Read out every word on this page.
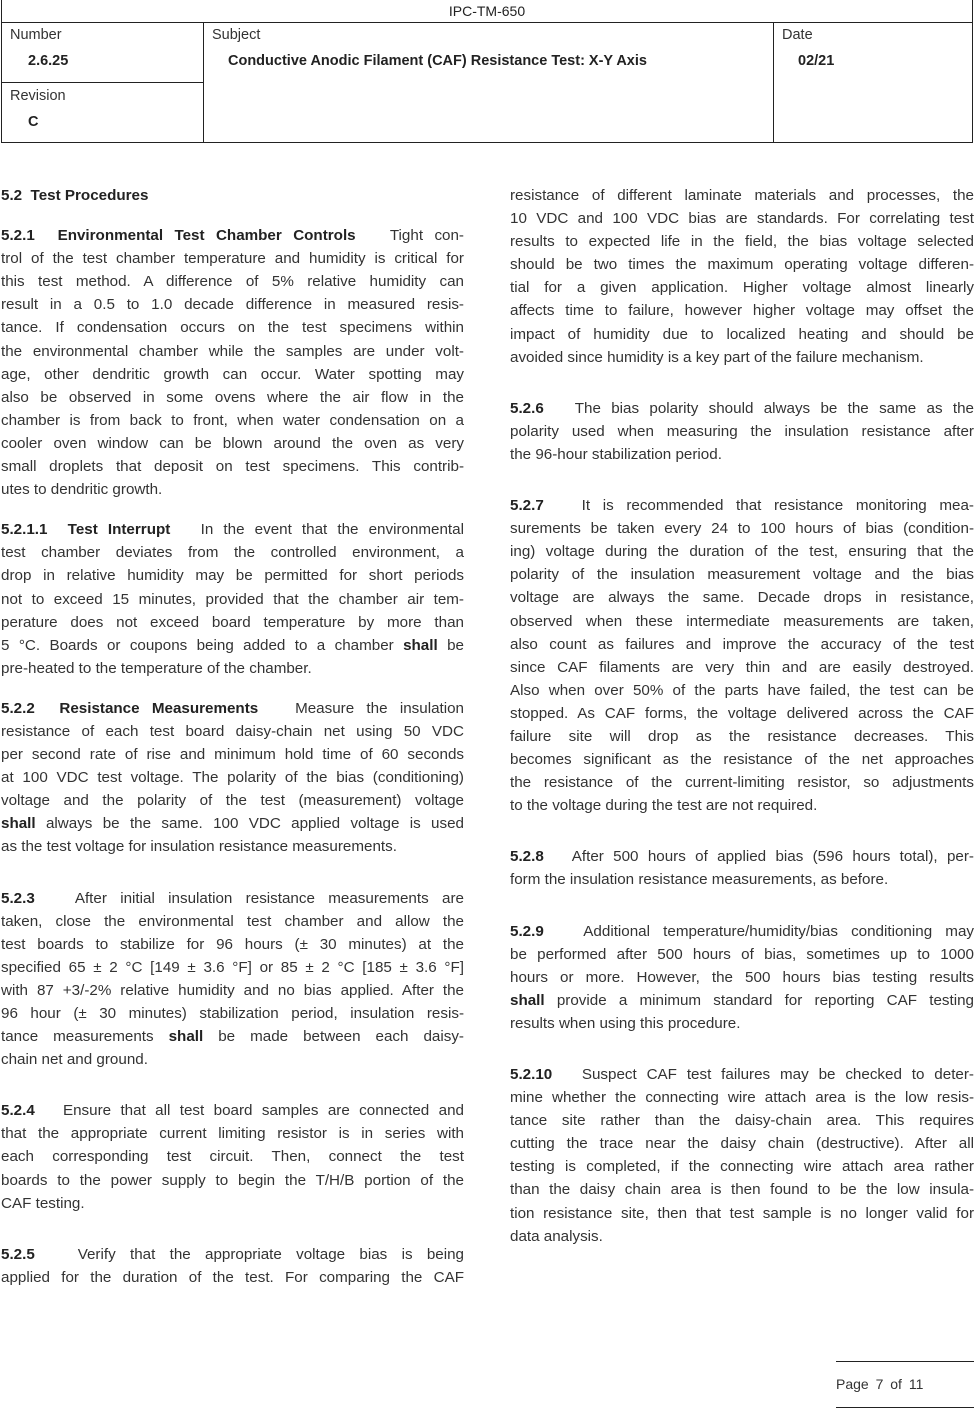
IPC-TM-650
Number
2.6.25
Revision
C
Subject
Conductive Anodic Filament (CAF) Resistance Test: X-Y Axis
Date
02/21
5.2  Test Procedures
5.2.1 Environmental Test Chamber Controls Tight con-
trol of the test chamber temperature and humidity is critical for
this test method. A difference of 5% relative humidity can
result in a 0.5 to 1.0 decade difference in measured resis-
tance. If condensation occurs on the test specimens within
the environmental chamber while the samples are under volt-
age, other dendritic growth can occur. Water spotting may
also be observed in some ovens where the air flow in the
chamber is from back to front, when water condensation on a
cooler oven window can be blown around the oven as very
small droplets that deposit on test specimens. This contrib-
utes to dendritic growth.
5.2.1.1 Test Interrupt In the event that the environmental
test chamber deviates from the controlled environment, a
drop in relative humidity may be permitted for short periods
not to exceed 15 minutes, provided that the chamber air tem-
perature does not exceed board temperature by more than
5 °C. Boards or coupons being added to a chamber shall be
pre-heated to the temperature of the chamber.
5.2.2 Resistance Measurements Measure the insulation
resistance of each test board daisy-chain net using 50 VDC
per second rate of rise and minimum hold time of 60 seconds
at 100 VDC test voltage. The polarity of the bias (conditioning)
voltage and the polarity of the test (measurement) voltage
shall always be the same. 100 VDC applied voltage is used
as the test voltage for insulation resistance measurements.
5.2.3	After initial insulation resistance measurements are
taken, close the environmental test chamber and allow the
test boards to stabilize for 96 hours (± 30 minutes) at the
specified 65 ± 2 °C [149 ± 3.6 °F] or 85 ± 2 °C [185 ± 3.6 °F]
with 87 +3/-2% relative humidity and no bias applied. After the
96 hour (± 30 minutes) stabilization period, insulation resis-
tance measurements shall be made between each daisy-
chain net and ground.
5.2.4 Ensure that all test board samples are connected and
that the appropriate current limiting resistor is in series with
each corresponding test circuit. Then, connect the test
boards to the power supply to begin the T/H/B portion of the
CAF testing.
5.2.5	Verify that the appropriate voltage bias is being
applied for the duration of the test. For comparing the CAF
resistance of different laminate materials and processes, the
10 VDC and 100 VDC bias are standards. For correlating test
results to expected life in the field, the bias voltage selected
should be two times the maximum operating voltage differen-
tial for a given application. Higher voltage almost linearly
affects time to failure, however higher voltage may offset the
impact of humidity due to localized heating and should be
avoided since humidity is a key part of the failure mechanism.
5.2.6 The bias polarity should always be the same as the
polarity used when measuring the insulation resistance after
the 96-hour stabilization period.
5.2.7 It is recommended that resistance monitoring mea-
surements be taken every 24 to 100 hours of bias (condition-
ing) voltage during the duration of the test, ensuring that the
polarity of the insulation measurement voltage and the bias
voltage are always the same. Decade drops in resistance,
observed when these intermediate measurements are taken,
also count as failures and improve the accuracy of the test
since CAF filaments are very thin and are easily destroyed.
Also when over 50% of the parts have failed, the test can be
stopped. As CAF forms, the voltage delivered across the CAF
failure site will drop as the resistance decreases. This
becomes significant as the resistance of the net approaches
the resistance of the current-limiting resistor, so adjustments
to the voltage during the test are not required.
5.2.8 After 500 hours of applied bias (596 hours total), per-
form the insulation resistance measurements, as before.
5.2.9	Additional temperature/humidity/bias conditioning may
be performed after 500 hours of bias, sometimes up to 1000
hours or more. However, the 500 hours bias testing results
shall provide a minimum standard for reporting CAF testing
results when using this procedure.
5.2.10 Suspect CAF test failures may be checked to deter-
mine whether the connecting wire attach area is the low resis-
tance site rather than the daisy-chain area. This requires
cutting the trace near the daisy chain (destructive). After all
testing is completed, if the connecting wire attach area rather
than the daisy chain area is then found to be the low insula-
tion resistance site, then that test sample is no longer valid for
data analysis.
Page 7 of 11
